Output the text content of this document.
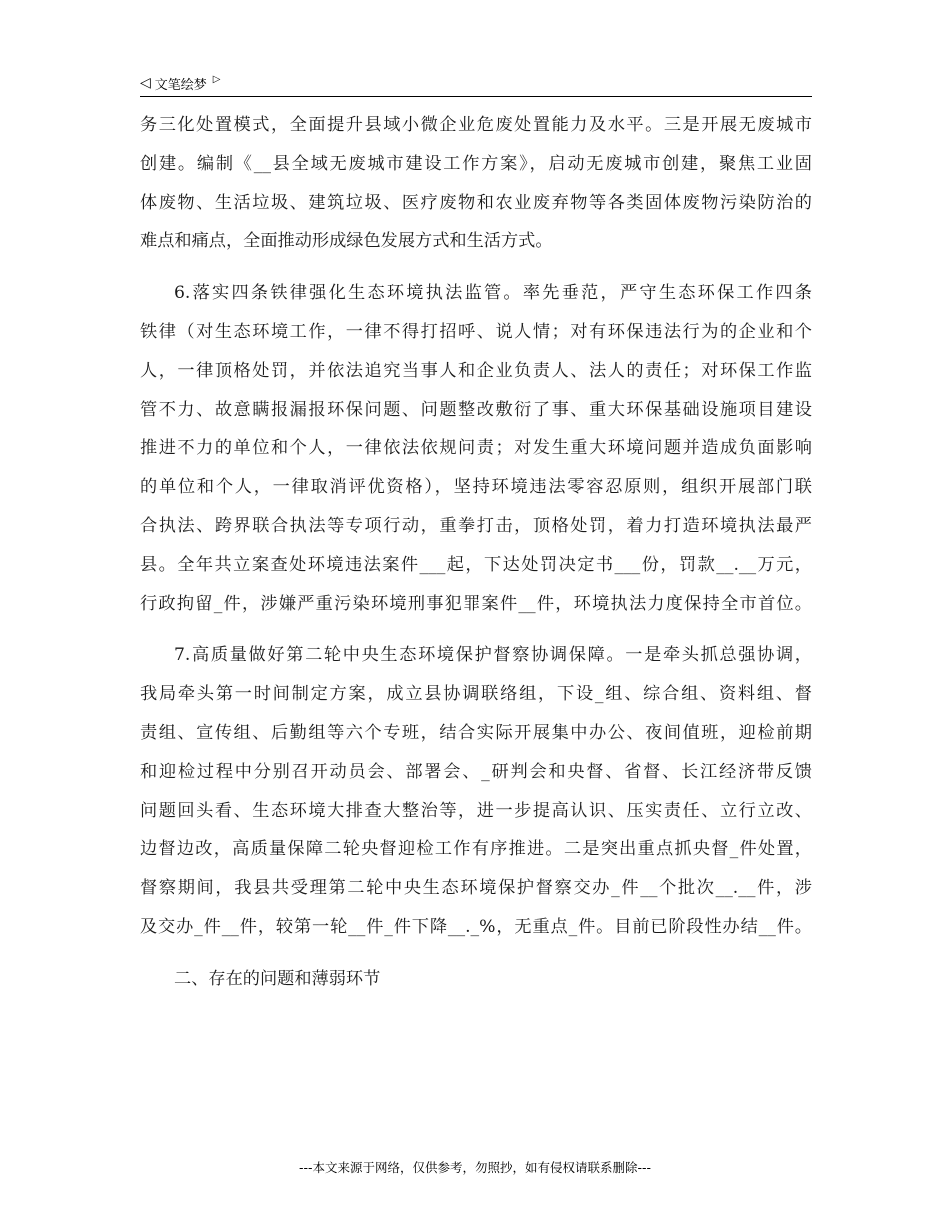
◁ 文笔绘梦 ▷
务三化处置模式，全面提升县域小微企业危废处置能力及水平。三是开展无废城市
创建。编制《__县全域无废城市建设工作方案》，启动无废城市创建，聚焦工业固
体废物、生活垃圾、建筑垃圾、医疗废物和农业废弃物等各类固体废物污染防治的
难点和痛点，全面推动形成绿色发展方式和生活方式。
6.落实四条铁律强化生态环境执法监管。率先垂范，严守生态环保工作四条
铁律（对生态环境工作，一律不得打招呼、说人情；对有环保违法行为的企业和个
人，一律顶格处罚，并依法追究当事人和企业负责人、法人的责任；对环保工作监
管不力、故意瞒报漏报环保问题、问题整改敷衍了事、重大环保基础设施项目建设
推进不力的单位和个人，一律依法依规问责；对发生重大环境问题并造成负面影响
的单位和个人，一律取消评优资格），坚持环境违法零容忍原则，组织开展部门联
合执法、跨界联合执法等专项行动，重拳打击，顶格处罚，着力打造环境执法最严
县。全年共立案查处环境违法案件___起，下达处罚决定书___份，罚款__.__万元，
行政拘留_件，涉嫌严重污染环境刑事犯罪案件__件，环境执法力度保持全市首位。
7.高质量做好第二轮中央生态环境保护督察协调保障。一是牵头抓总强协调，
我局牵头第一时间制定方案，成立县协调联络组，下设_组、综合组、资料组、督
责组、宣传组、后勤组等六个专班，结合实际开展集中办公、夜间值班，迎检前期
和迎检过程中分别召开动员会、部署会、_研判会和央督、省督、长江经济带反馈
问题回头看、生态环境大排查大整治等，进一步提高认识、压实责任、立行立改、
边督边改，高质量保障二轮央督迎检工作有序推进。二是突出重点抓央督_件处置，
督察期间，我县共受理第二轮中央生态环境保护督察交办_件__个批次__.__件，涉
及交办_件__件，较第一轮__件_件下降__._%，无重点_件。目前已阶段性办结__件。
二、存在的问题和薄弱环节
---本文来源于网络，仅供参考，勿照抄，如有侵权请联系删除---
